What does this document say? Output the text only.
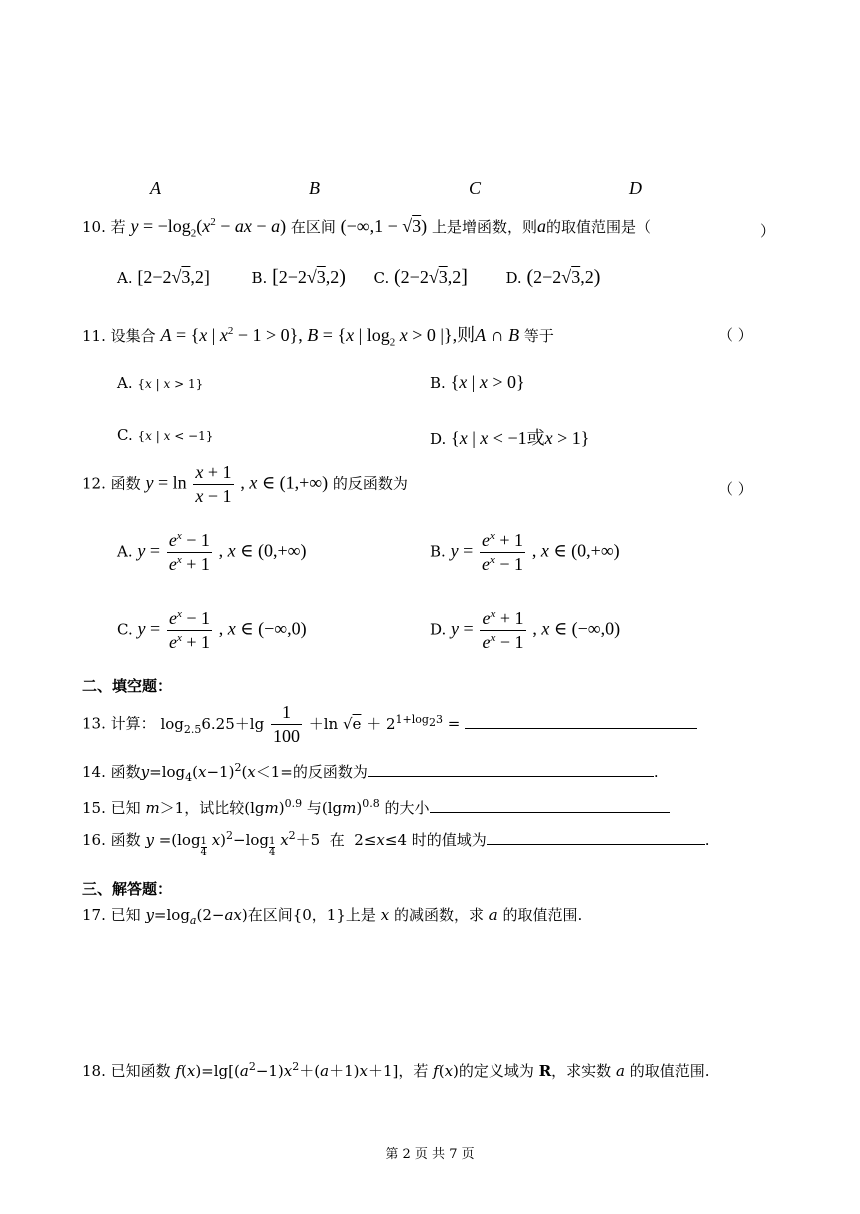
A	B	C	D
10. 若 $y = -\log_2(x^2$ − ax − a) 在区间 (−∞,1 − √3) 上是增函数，则a的取值范围是（	）
A. [2−2√3,2]	B. [2−2√3,2) C. (2−2√3,2]	D. (2−2√3,2)
11. 设集合 A = {x | $x^2 - 1 > 0$}, B = {x | $\log_2 x > 0$ |},则A ∩ B 等于	（ ）
A. {x | x > 1}	B. {x | x > 0}
C. {x | x < −1}	D. {x | x < −1或x > 1}
12. 函数 $y = \ln \frac{x + 1}{x - 1}$ , x ∈ (1,+∞) 的反函数为	（ ）
A. $y = \frac{e^x - 1}{e^x + 1}$ , x ∈ (0,+∞)	B. $y = \frac{e^x + 1}{e^x - 1}$ , x ∈ (0,+∞)
C. $y = \frac{e^x - 1}{e^x + 1}$ , x ∈ (−∞,0)	D. $y = \frac{e^x + 1}{e^x - 1}$ , x ∈ (−∞,0)
二、填空题：
13. 计算： $\log_{2.5}6.25+\lg \frac{1}{100} +\ln$ $√e + 2^{1+log_23}$ =
14. 函数$y=\log_4(x-1)^2(x<1=$的反函数为	.
15. 已知 m＞1，试比较$(\lg m)^{0.9}$ 与$(\lg m)^{0.8}$ 的大小
16. 函数 $y =(\log \frac{1}{4} x)^2-\log \frac{1}{4} x^2+5$  在  2≤x≤4 时的值域为	.
三、解答题：
17. 已知 $y=\log_a(2-ax)$在区间{0，1}上是 x 的减函数，求 a 的取值范围.
18. 已知函数 $f(x)=\lg[(a^2-1)x^2+(a+1)x+1]$，若 f(x)的定义域为 R，求实数 a 的取值范围.
第 2 页 共 7 页
